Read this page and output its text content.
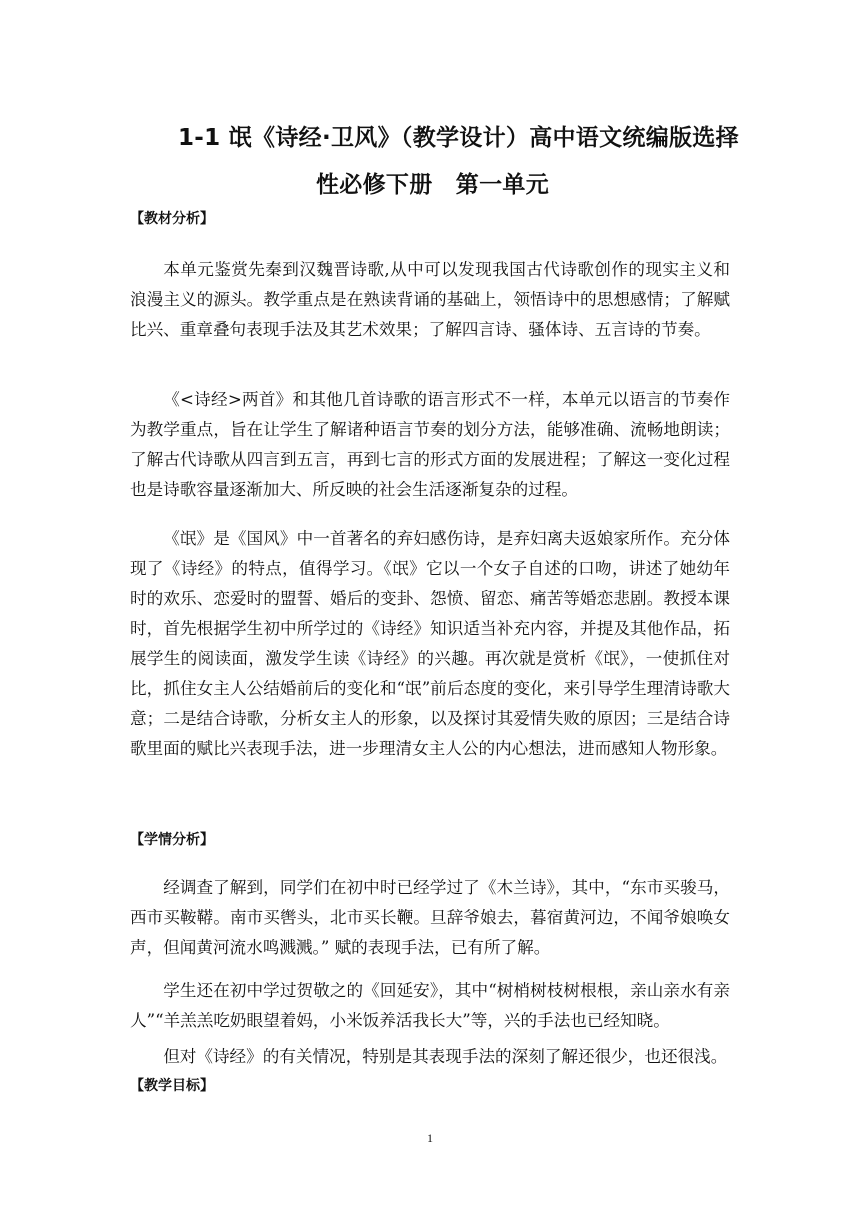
1-1 氓《诗经·卫风》（教学设计）高中语文统编版选择
性必修下册　第一单元
【教材分析】

本单元鉴赏先秦到汉魏晋诗歌,从中可以发现我国古代诗歌创作的现实主义和浪漫主义的源头。教学重点是在熟读背诵的基础上，领悟诗中的思想感情；了解赋比兴、重章叠句表现手法及其艺术效果；了解四言诗、骚体诗、五言诗的节奏。

《<诗经>两首》和其他几首诗歌的语言形式不一样，本单元以语言的节奏作为教学重点，旨在让学生了解诸种语言节奏的划分方法，能够准确、流畅地朗读；了解古代诗歌从四言到五言，再到七言的形式方面的发展进程；了解这一变化过程也是诗歌容量逐渐加大、所反映的社会生活逐渐复杂的过程。

《氓》是《国风》中一首著名的弃妇感伤诗，是弃妇离夫返娘家所作。充分体现了《诗经》的特点，值得学习。《氓》它以一个女子自述的口吻，讲述了她幼年时的欢乐、恋爱时的盟誓、婚后的变卦、怨愤、留恋、痛苦等婚恋悲剧。教授本课时，首先根据学生初中所学过的《诗经》知识适当补充内容，并提及其他作品，拓展学生的阅读面，激发学生读《诗经》的兴趣。再次就是赏析《氓》，一使抓住对比，抓住女主人公结婚前后的变化和“氓”前后态度的变化，来引导学生理清诗歌大意；二是结合诗歌，分析女主人的形象，以及探讨其爱情失败的原因；三是结合诗歌里面的赋比兴表现手法，进一步理清女主人公的内心想法，进而感知人物形象。

【学情分析】

经调查了解到，同学们在初中时已经学过了《木兰诗》，其中，“东市买骏马，西市买鞍鞯。南市买辔头，北市买长鞭。旦辞爷娘去，暮宿黄河边，不闻爷娘唤女声，但闻黄河流水鸣溅溅。” 赋的表现手法，已有所了解。

学生还在初中学过贺敬之的《回延安》，其中“树梢树枝树根根，亲山亲水有亲人”“羊羔羔吃奶眼望着妈，小米饭养活我长大”等，兴的手法也已经知晓。

但对《诗经》的有关情况，特别是其表现手法的深刻了解还很少，也还很浅。

【教学目标】
1
